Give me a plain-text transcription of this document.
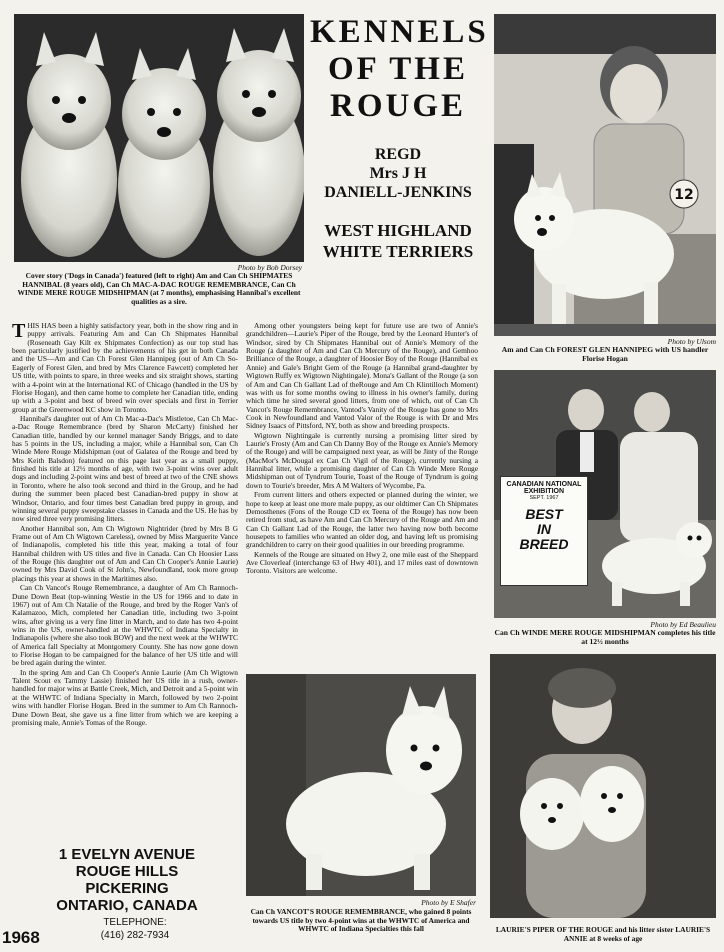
Photo by Bob Dorsey
Cover story ('Dogs in Canada') featured (left to right) Am and Can Ch SHIPMATES HANNIBAL (8 years old), Can Ch MAC-A-DAC ROUGE REMEMBRANCE, Can Ch WINDE MERE ROUGE MIDSHIPMAN (at 7 months), emphasising Hannibal's excellent qualities as a sire.
KENNELS
OF THE
ROUGE
REGD
Mrs J H
DANIELL-JENKINS
WEST HIGHLAND
WHITE TERRIERS
12
Photo by Ulsom
Am and Can Ch FOREST GLEN HANNIPEG with US handler Florise Hogan
CANADIAN NATIONAL
EXHIBITION
SEPT. 1967
BEST
IN
BREED
Photo by Ed Beaulieu
Can Ch WINDE MERE ROUGE MIDSHIPMAN completes his title at 12½ months
Photo by E Shafer
Can Ch VANCOT'S ROUGE REMEMBRANCE, who gained 8 points towards US title by two 4-point wins at the WHWTC of America and WHWTC of Indiana Specialties this fall	LAURIE'S PIPER OF THE ROUGE and his litter sister LAURIE'S ANNIE at 8 weeks of age

THIS HAS been a highly satisfactory year, both in the show ring and in puppy arrivals. Featuring Am and Can Ch Shipmates Hannibal (Roseneath Gay Kilt ex Shipmates Confection) as our top stud has been particularly justified by the achievements of his get in both Canada and the US—Am and Can Ch Forest Glen Hannipeg (out of Am Ch So-Eagerly of Forest Glen, and bred by Mrs Clarence Fawcett) completed her US title, with points to spare, in three weeks and six straight shows, starting with a 4-point win at the International KC of Chicago (handled in the US by Florise Hogan), and then came home to complete her Canadian title, ending up with a 3-point and best of breed win over specials and first in Terrier group at the Greenwood KC show in Toronto.

Hannibal's daughter out of Am Ch Mac-a-Dac's Mistletoe, Can Ch Mac-a-Dac Rouge Remembrance (bred by Sharon McCarty) finished her Canadian title, handled by our kennel manager Sandy Briggs, and to date has 5 points in the US, including a major, while a Hannibal son, Can Ch Winde Mere Rouge Midshipman (out of Galatea of the Rouge and bred by Mrs Keith Balsdon) featured on this page last year as a small puppy, finished his title at 12½ months of age, with two 3-point wins over adult dogs and including 2-point wins and best of breed at two of the CNE shows in Toronto, where he also took second and third in the Group, and he had during the summer been placed best Canadian-bred puppy in show at Windsor, Ontario, and four times best Canadian bred puppy in group, and winning several puppy sweepstake classes in Canada and the US. He has by now sired three very promising litters.

Another Hannibal son, Am Ch Wigtown Nightrider (bred by Mrs B G Frame out of Am Ch Wigtown Careless), owned by Miss Marguerite Vance of Indianapolis, completed his title this year, making a total of four Hannibal children with US titles and five in Canada. Can Ch Hoosier Lass of the Rouge (his daughter out of Am and Can Ch Cooper's Annie Laurie) owned by Mrs David Cook of St John's, Newfoundland, took more group placings this year at shows in the Maritimes also.

Can Ch Vancot's Rouge Remembrance, a daughter of Am Ch Rannoch-Dune Down Beat (top-winning Westie in the US for 1966 and to date in 1967) out of Am Ch Natalie of the Rouge, and bred by the Roger Van's of Kalamazoo, Mich, completed her Canadian title, including two 3-point wins, after giving us a very fine litter in March, and to date has two 4-point wins in the US, owner-handled at the WHWTC of Indiana Specialty in Indianapolis (where she also took BOW) and the next week at the WHWTC of America fall Specialty at Montgomery County. She has now gone down to Florise Hogan to be campaigned for the balance of her US title and will be bred again during the winter.

In the spring Am and Can Ch Cooper's Annie Laurie (Am Ch Wigtown Talent Scout ex Tammy Lassie) finished her US title in a rush, owner-handled for major wins at Battle Creek, Mich, and Detroit and a 5-point win at the WHWTC of Indiana Specialty in March, followed by two 2-point wins with handler Florise Hogan. Bred in the summer to Am Ch Rannoch-Dune Down Beat, she gave us a fine litter from which we are keeping a promising male, Annie's Tomas of the Rouge.

Among other youngsters being kept for future use are two of Annie's grandchildren—Laurie's Piper of the Rouge, bred by the Leonard Hunter's of Windsor, sired by Ch Shipmates Hannibal out of Annie's Memory of the Rouge (a daughter of Am and Can Ch Mercury of the Rouge), and Gemhoo Brilliance of the Rouge, a daughter of Hoosier Boy of the Rouge (Hannibal ex Annie) and Gale's Bright Gem of the Rouge (a Hannibal grand-daughter by Wigtown Ruffy ex Wigtown Nightingale). Mona's Gallant of the Rouge (a son of Am and Can Ch Gallant Lad of theRouge and Am Ch Klintilloch Moment) was with us for some months owing to illness in his owner's family, during which time he sired several good litters, from one of which, out of Can Ch Vancot's Rouge Remembrance, Vantod's Vanity of the Rouge has gone to Mrs Cook in Newfoundland and Vantod Valor of the Rouge is with Dr and Mrs Sidney Isaacs of Pittsford, NY, both as show and breeding prospects.

Wigtown Nightingale is currently nursing a promising litter sired by Laurie's Frosty (Am and Can Ch Danny Boy of the Rouge ex Annie's Memory of the Rouge) and will be campaigned next year, as will be Jinty of the Rouge (MacMor's McDougal ex Can Ch Vigil of the Rouge), currently nursing a Hannibal litter, while a promising daughter of Can Ch Winde Mere Rouge Midshipman out of Tyndrum Tourie, Toast of the Rouge of Tyndrum is going down to Tourie's breeder, Mrs A M Walters of Wycombe, Pa.

From current litters and others expected or planned during the winter, we hope to keep at least one more male puppy, as our oldtimer Can Ch Shipmates Demosthenes (Fons of the Rouge CD ex Teena of the Rouge) has now been retired from stud, as have Am and Can Ch Mercury of the Rouge and Am and Can Ch Gallant Lad of the Rouge, the latter two having now both become housepets to families who wanted an older dog, and having left us promising grandchildren to carry on their good qualities in our breeding programme.

Kennels of the Rouge are situated on Hwy 2, one mile east of the Sheppard Ave Cloverleaf (interchange 63 of Hwy 401), and 17 miles east of downtown Toronto. Visitors are welcome.

1 EVELYN AVENUE
ROUGE HILLS
PICKERING
ONTARIO, CANADA
TELEPHONE:
(416) 282-7934
1968
